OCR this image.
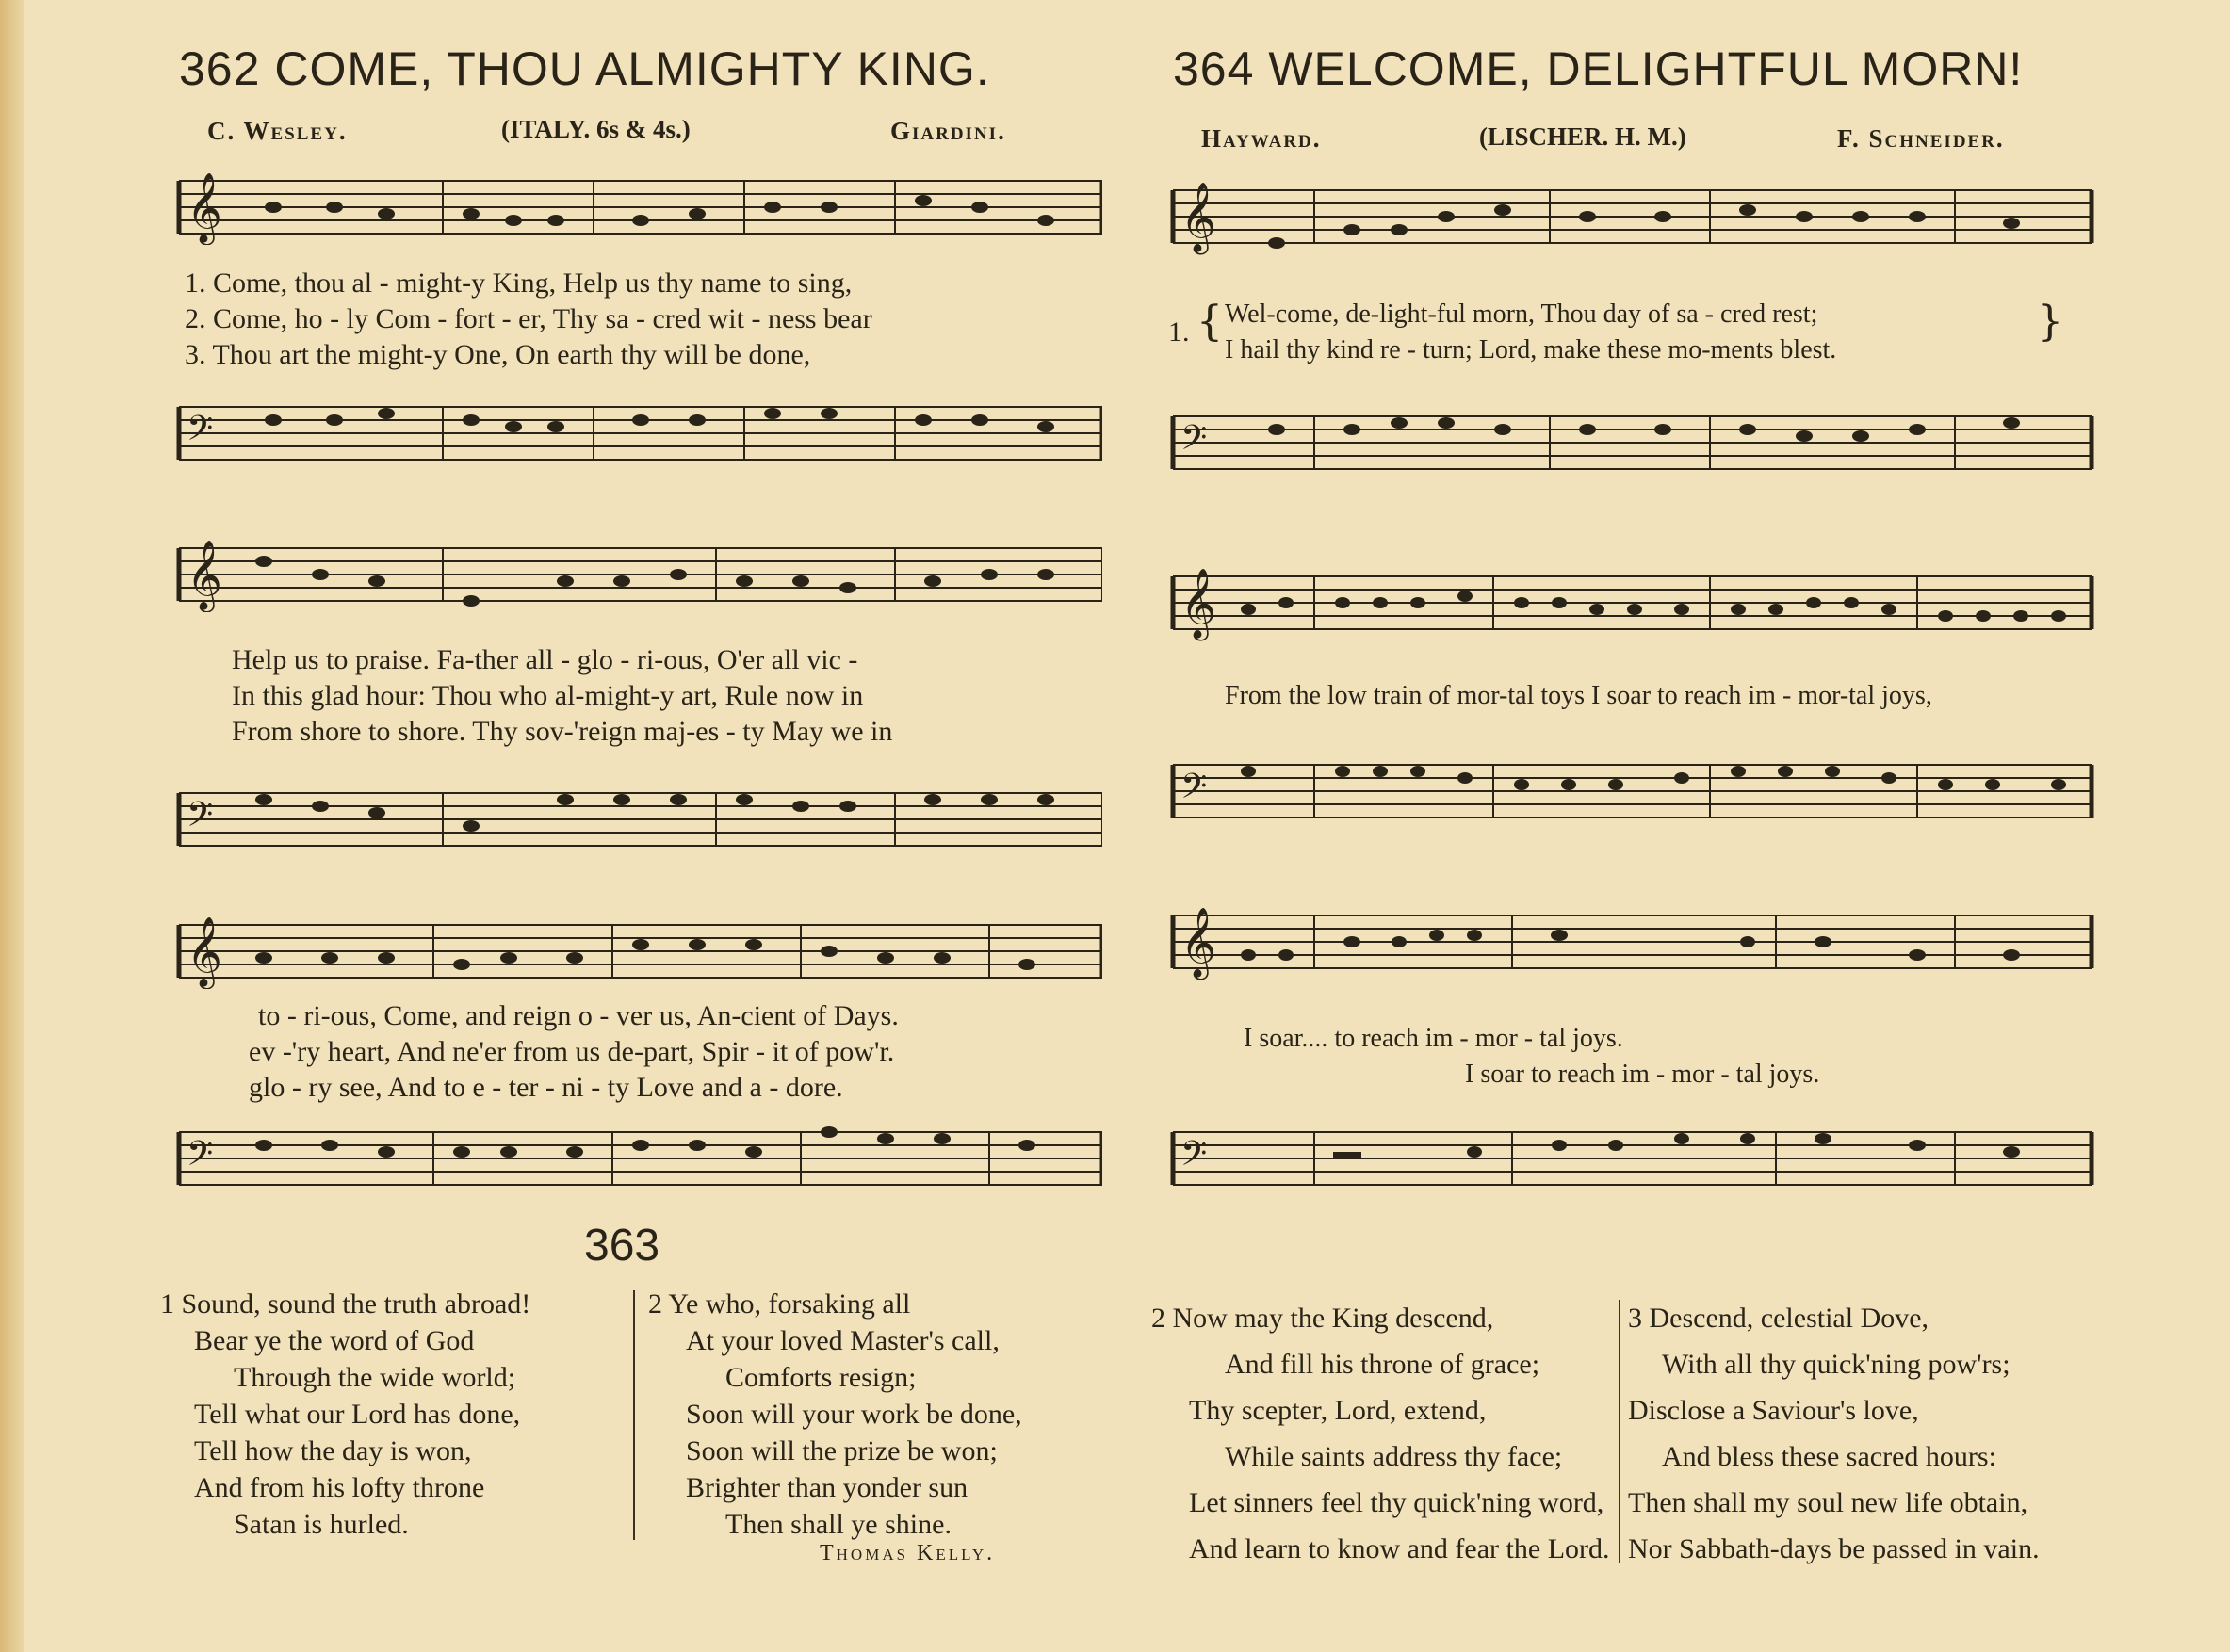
362 COME, THOU ALMIGHTY KING.
C. Wesley.	(ITALY. 6s & 4s.)	Giardini.
𝄞
1. Come, thou al - might-y King, Help us thy name to sing,
2. Come, ho - ly Com - fort - er, Thy sa - cred wit - ness bear
3. Thou art the might-y One, On earth thy will be done,
𝄢
𝄞
Help us to praise. Fa-ther all - glo - ri-ous, O'er all vic -
In this glad hour: Thou who al-might-y art, Rule now in
From shore to shore. Thy sov-'reign maj-es - ty May we in
𝄢
𝄞
to - ri-ous, Come, and reign o - ver us, An-cient of Days.
ev -'ry heart, And ne'er from us de-part, Spir - it of pow'r.
glo - ry see, And to e - ter - ni - ty Love and a - dore.
𝄢
363
1 Sound, sound the truth abroad!
Bear ye the word of God
Through the wide world;
Tell what our Lord has done,
Tell how the day is won,
And from his lofty throne
Satan is hurled.
2 Ye who, forsaking all
At your loved Master's call,
Comforts resign;
Soon will your work be done,
Soon will the prize be won;
Brighter than yonder sun
Then shall ye shine.
Thomas Kelly.
364 WELCOME, DELIGHTFUL MORN!
Hayward.	(LISCHER. H. M.)	F. Schneider.
𝄞
{	}
1.
Wel-come, de-light-ful morn, Thou day of sa - cred rest;
I hail thy kind re - turn; Lord, make these mo-ments blest.
𝄢
𝄞
From the low train of mor-tal toys I soar to reach im - mor-tal joys,
𝄢
𝄞
I soar.... to reach im - mor - tal joys.
I soar to reach im - mor - tal joys.
𝄢
2 Now may the King descend,
And fill his throne of grace;
Thy scepter, Lord, extend,
While saints address thy face;
Let sinners feel thy quick'ning word,
And learn to know and fear the Lord.
3 Descend, celestial Dove,
With all thy quick'ning pow'rs;
Disclose a Saviour's love,
And bless these sacred hours:
Then shall my soul new life obtain,
Nor Sabbath-days be passed in vain.
